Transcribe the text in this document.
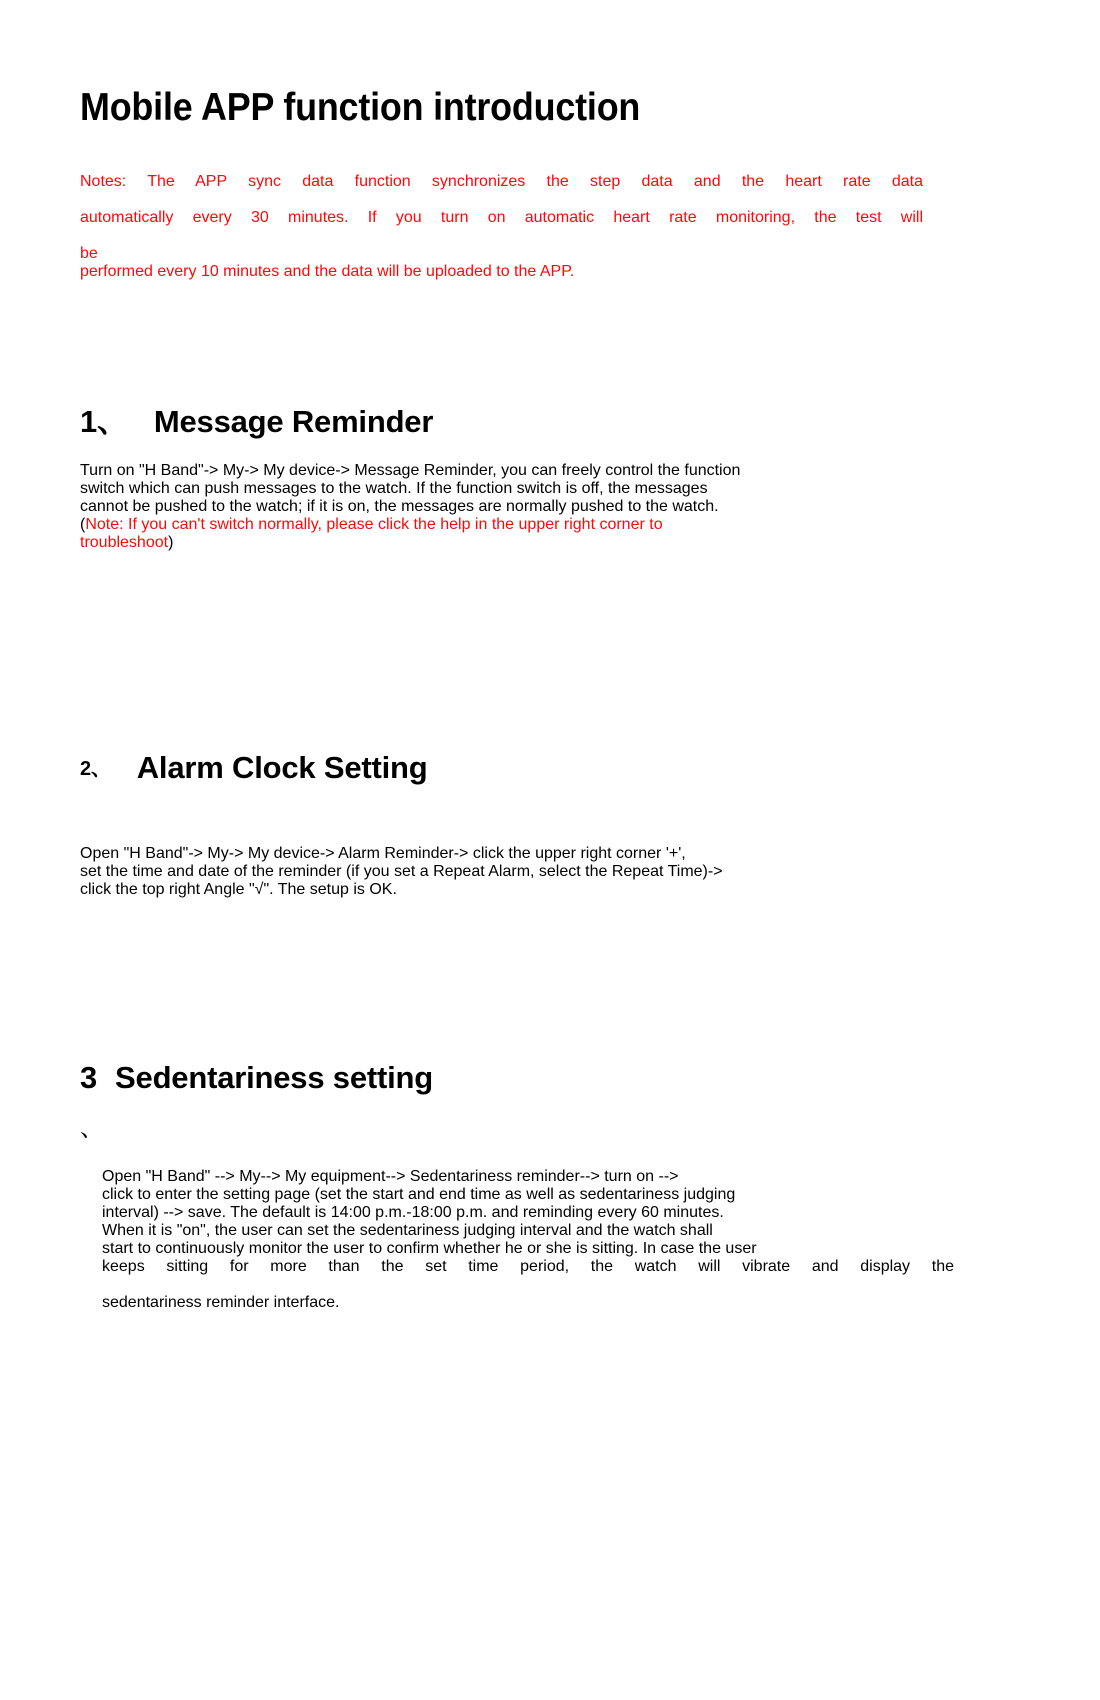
Mobile APP function introduction
Notes: The APP sync data function synchronizes the step data and the heart rate data
automatically every 30 minutes. If you turn on automatic heart rate monitoring, the test will
be
performed every 10 minutes and the data will be uploaded to the APP.
1、 Message Reminder
Turn on "H Band"-> My-> My device-> Message Reminder, you can freely control the function
switch which can push messages to the watch. If the function switch is off, the messages
cannot be pushed to the watch; if it is on, the messages are normally pushed to the watch.
(Note: If you can't switch normally, please click the help in the upper right corner to
troubleshoot)
2、 Alarm Clock Setting
Open "H Band"-> My-> My device-> Alarm Reminder-> click the upper right corner '+',
set the time and date of the reminder (if you set a Repeat Alarm, select the Repeat Time)->
click the top right Angle "√". The setup is OK.
3 Sedentariness setting
、
Open "H Band" --> My--> My equipment--> Sedentariness reminder--> turn on -->
click to enter the setting page (set the start and end time as well as sedentariness judging
interval) --> save. The default is 14:00 p.m.-18:00 p.m. and reminding every 60 minutes.
When it is "on", the user can set the sedentariness judging interval and the watch shall
start to continuously monitor the user to confirm whether he or she is sitting. In case the user
keeps sitting for more than the set time period, the watch will vibrate and display the
sedentariness reminder interface.
